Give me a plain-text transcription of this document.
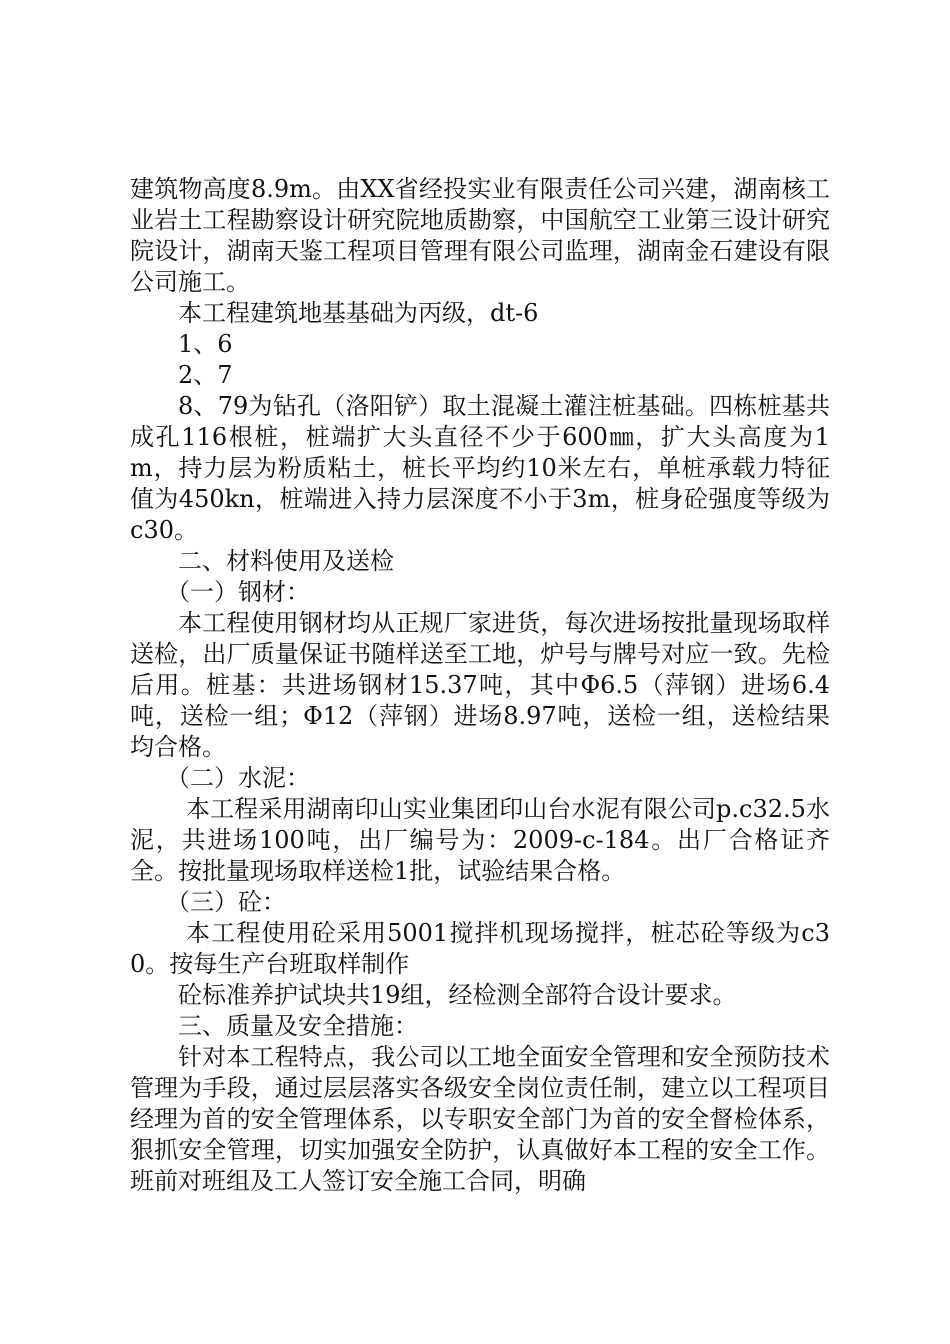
建筑物高度8.9m。由XX省经投实业有限责任公司兴建，湖南核工业岩土工程勘察设计研究院地质勘察，中国航空工业第三设计研究院设计，湖南天鉴工程项目管理有限公司监理，湖南金石建设有限公司施工。

本工程建筑地基基础为丙级，dt-6

1、6

2、7

8、79为钻孔（洛阳铲）取土混凝土灌注桩基础。四栋桩基共成孔116根桩，桩端扩大头直径不少于600㎜，扩大头高度为1m，持力层为粉质粘土，桩长平均约10米左右，单桩承载力特征值为450kn，桩端进入持力层深度不小于3m，桩身砼强度等级为c30。

二、材料使用及送检

（一）钢材：

本工程使用钢材均从正规厂家进货，每次进场按批量现场取样送检，出厂质量保证书随样送至工地，炉号与牌号对应一致。先检后用。桩基：共进场钢材15.37吨，其中Φ6.5（萍钢）进场6.4吨，送检一组；Φ12（萍钢）进场8.97吨，送检一组，送检结果均合格。

（二）水泥：

本工程采用湖南印山实业集团印山台水泥有限公司p.c32.5水泥，共进场100吨，出厂编号为：2009-c-184。出厂合格证齐全。按批量现场取样送检1批，试验结果合格。

（三）砼：

本工程使用砼采用5001搅拌机现场搅拌，桩芯砼等级为c30。按每生产台班取样制作

砼标准养护试块共19组，经检测全部符合设计要求。

三、质量及安全措施：

针对本工程特点，我公司以工地全面安全管理和安全预防技术管理为手段，通过层层落实各级安全岗位责任制，建立以工程项目经理为首的安全管理体系，以专职安全部门为首的安全督检体系，狠抓安全管理，切实加强安全防护，认真做好本工程的安全工作。班前对班组及工人签订安全施工合同，明确
